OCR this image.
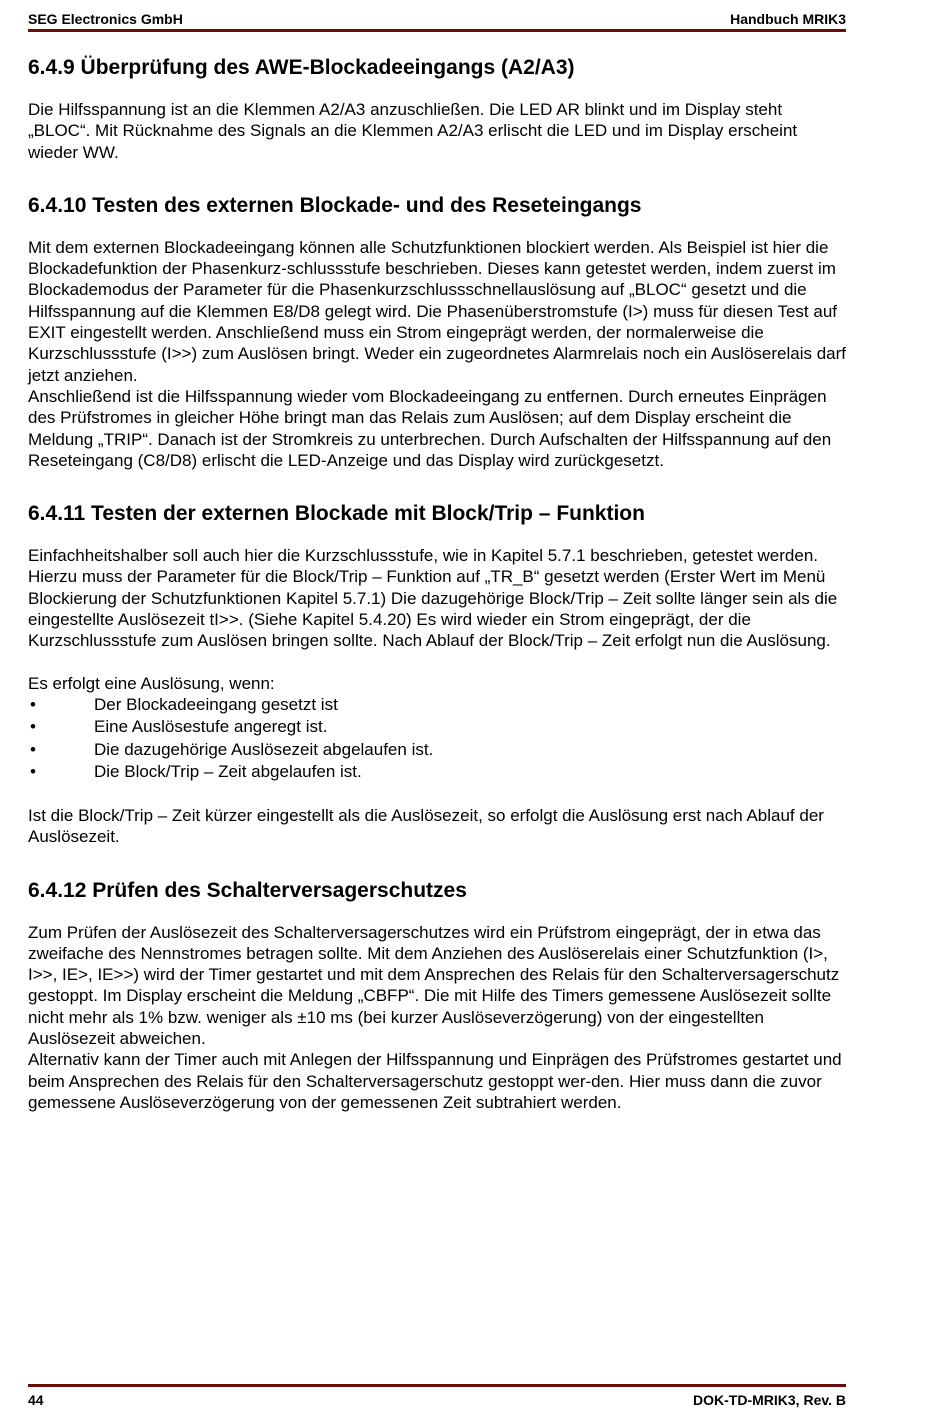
SEG Electronics GmbH	Handbuch MRIK3
6.4.9 Überprüfung des AWE-Blockadeeingangs (A2/A3)

Die Hilfsspannung ist an die Klemmen A2/A3 anzuschließen. Die LED AR blinkt und im Display steht „BLOC“. Mit Rücknahme des Signals an die Klemmen A2/A3 erlischt die LED und im Display erscheint wieder WW.

6.4.10 Testen des externen Blockade- und des Reseteingangs

Mit dem externen Blockadeeingang können alle Schutzfunktionen blockiert werden. Als Beispiel ist hier die Blockadefunktion der Phasenkurz-schlussstufe beschrieben. Dieses kann getestet werden, indem zuerst im Blockademodus der Parameter für die Phasenkurzschlussschnellauslösung auf „BLOC“ gesetzt und die Hilfsspannung auf die Klemmen E8/D8 gelegt wird. Die Phasenüberstromstufe (I>) muss für diesen Test auf EXIT eingestellt werden. Anschließend muss ein Strom eingeprägt werden, der normalerweise die Kurzschlussstufe (I>>) zum Auslösen bringt. Weder ein zugeordnetes Alarmrelais noch ein Auslöserelais darf jetzt anziehen.

Anschließend ist die Hilfsspannung wieder vom Blockadeeingang zu entfernen. Durch erneutes Einprägen des Prüfstromes in gleicher Höhe bringt man das Relais zum Auslösen; auf dem Display erscheint die Meldung „TRIP“. Danach ist der Stromkreis zu unterbrechen. Durch Aufschalten der Hilfsspannung auf den Reseteingang (C8/D8) erlischt die LED-Anzeige und das Display wird zurückgesetzt.

6.4.11 Testen der externen Blockade mit Block/Trip – Funktion

Einfachheitshalber soll auch hier die Kurzschlussstufe, wie in Kapitel 5.7.1 beschrieben, getestet werden.

Hierzu muss der Parameter für die Block/Trip – Funktion auf „TR_B“ gesetzt werden (Erster Wert im Menü Blockierung der Schutzfunktionen Kapitel 5.7.1) Die dazugehörige Block/Trip – Zeit sollte länger sein als die eingestellte Auslösezeit tI>>. (Siehe Kapitel 5.4.20) Es wird wieder ein Strom eingeprägt, der die Kurzschlussstufe zum Auslösen bringen sollte. Nach Ablauf der Block/Trip – Zeit erfolgt nun die Auslösung.

Es erfolgt eine Auslösung, wenn:

• Der Blockadeeingang gesetzt ist
• Eine Auslösestufe angeregt ist.
• Die dazugehörige Auslösezeit abgelaufen ist.
• Die Block/Trip – Zeit abgelaufen ist.

Ist die Block/Trip – Zeit kürzer eingestellt als die Auslösezeit, so erfolgt die Auslösung erst nach Ablauf der Auslösezeit.

6.4.12 Prüfen des Schalterversagerschutzes

Zum Prüfen der Auslösezeit des Schalterversagerschutzes wird ein Prüfstrom eingeprägt, der in etwa das zweifache des Nennstromes betragen sollte. Mit dem Anziehen des Auslöserelais einer Schutzfunktion (I>, I>>, IE>, IE>>) wird der Timer gestartet und mit dem Ansprechen des Relais für den Schalterversagerschutz gestoppt. Im Display erscheint die Meldung „CBFP“. Die mit Hilfe des Timers gemessene Auslösezeit sollte nicht mehr als 1% bzw. weniger als ±10 ms (bei kurzer Auslöseverzögerung) von der eingestellten Auslösezeit abweichen.

Alternativ kann der Timer auch mit Anlegen der Hilfsspannung und Einprägen des Prüfstromes gestartet und beim Ansprechen des Relais für den Schalterversagerschutz gestoppt wer-den. Hier muss dann die zuvor gemessene Auslöseverzögerung von der gemessenen Zeit subtrahiert werden.

44	DOK-TD-MRIK3, Rev. B
